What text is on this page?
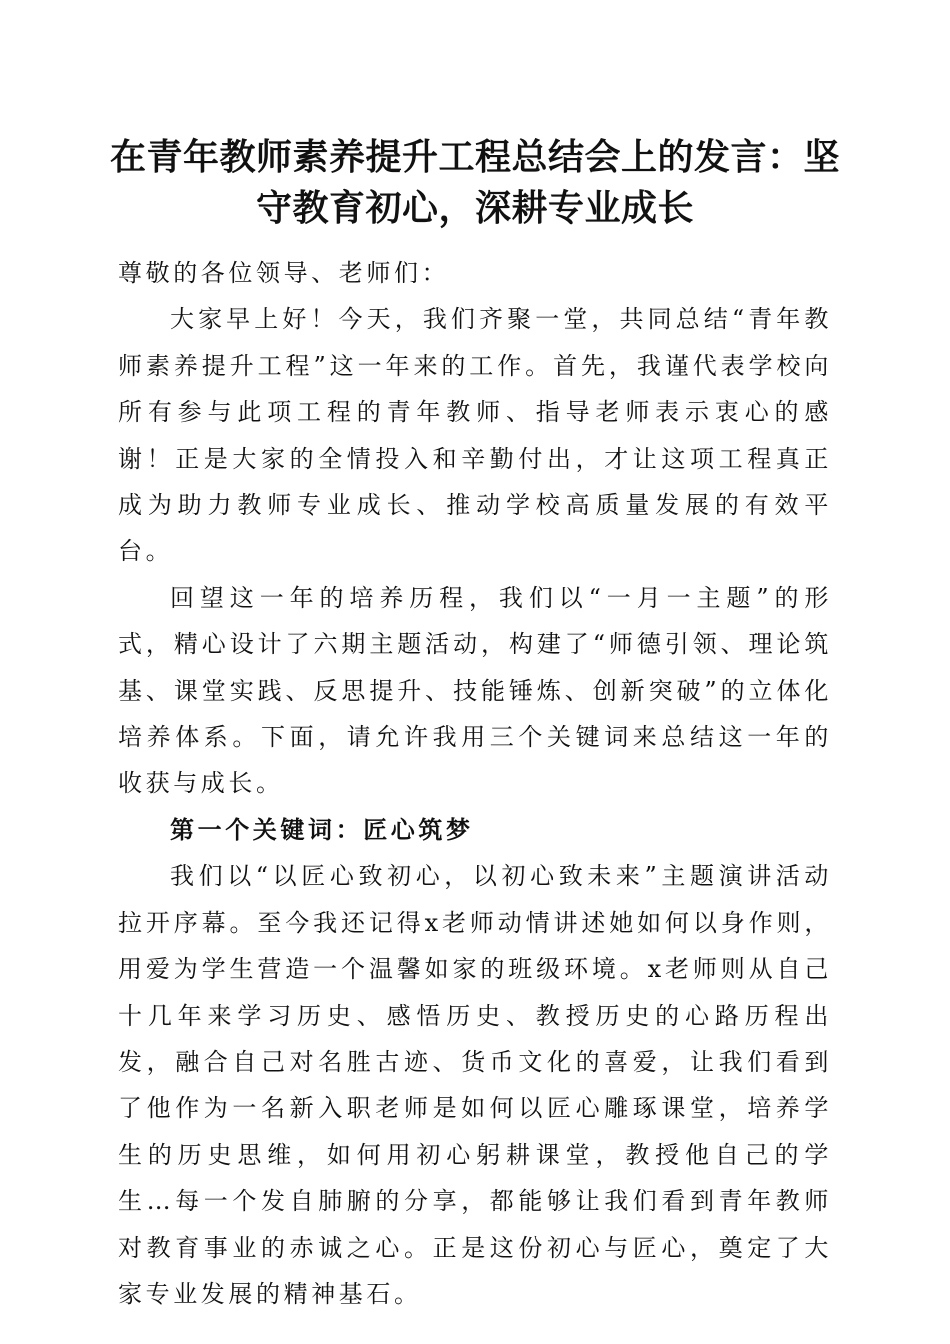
在青年教师素养提升工程总结会上的发言：坚
守教育初心，深耕专业成长

尊敬的各位领导、老师们：

大家早上好！今天，我们齐聚一堂，共同总结“青年教师素养提升工程”这一年来的工作。首先，我谨代表学校向所有参与此项工程的青年教师、指导老师表示衷心的感谢！正是大家的全情投入和辛勤付出，才让这项工程真正成为助力教师专业成长、推动学校高质量发展的有效平台。

回望这一年的培养历程，我们以“一月一主题”的形式，精心设计了六期主题活动，构建了“师德引领、理论筑基、课堂实践、反思提升、技能锤炼、创新突破”的立体化培养体系。下面，请允许我用三个关键词来总结这一年的收获与成长。

第一个关键词：匠心筑梦

我们以“以匠心致初心，以初心致未来”主题演讲活动拉开序幕。至今我还记得x老师动情讲述她如何以身作则，用爱为学生营造一个温馨如家的班级环境。x老师则从自己十几年来学习历史、感悟历史、教授历史的心路历程出发，融合自己对名胜古迹、货币文化的喜爱，让我们看到了他作为一名新入职老师是如何以匠心雕琢课堂，培养学生的历史思维，如何用初心躬耕课堂，教授他自己的学生…每一个发自肺腑的分享，都能够让我们看到青年教师对教育事业的赤诚之心。正是这份初心与匠心，奠定了大家专业发展的精神基石。
